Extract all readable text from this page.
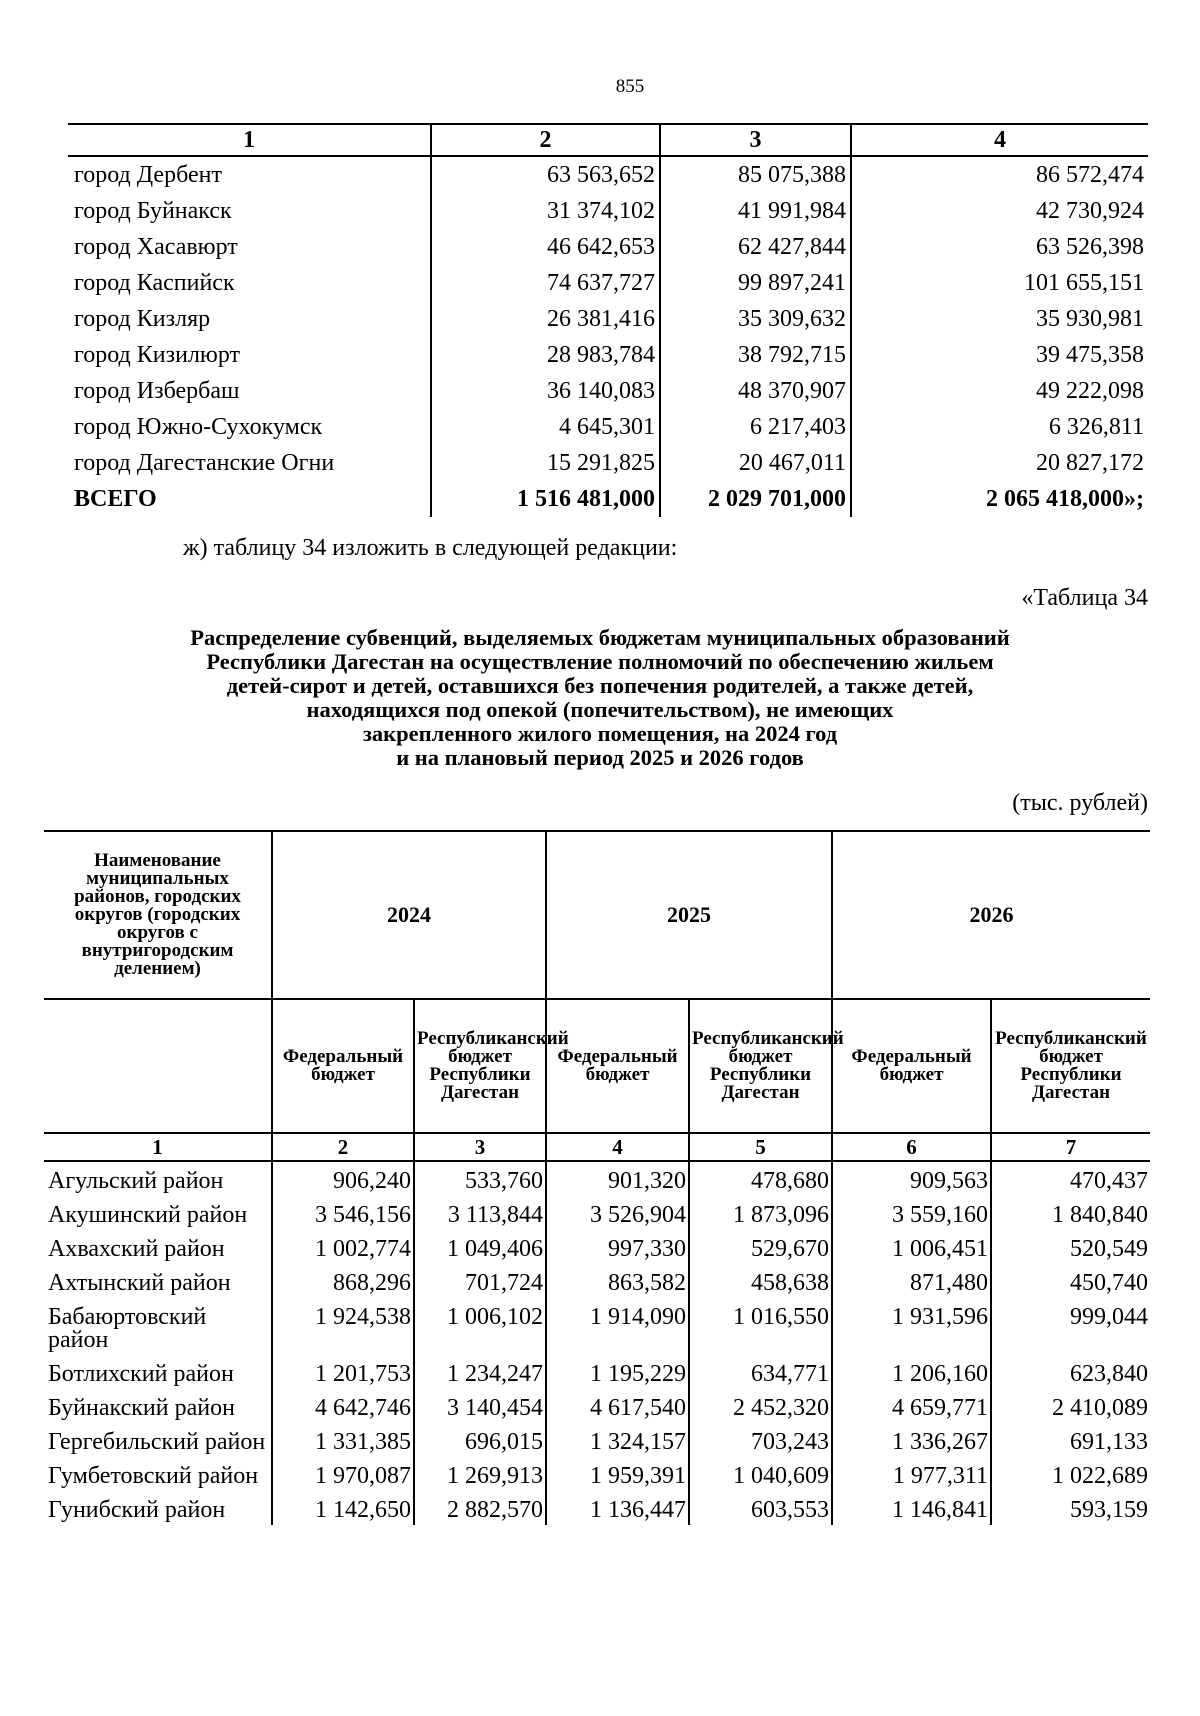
855
1	2	3	4
город Дербент	63 563,652	85 075,388	86 572,474
город Буйнакск	31 374,102	41 991,984	42 730,924
город Хасавюрт	46 642,653	62 427,844	63 526,398
город Каспийск	74 637,727	99 897,241	101 655,151
город Кизляр	26 381,416	35 309,632	35 930,981
город Кизилюрт	28 983,784	38 792,715	39 475,358
город Избербаш	36 140,083	48 370,907	49 222,098
город Южно-Сухокумск	4 645,301	6 217,403	6 326,811
город Дагестанские Огни	15 291,825	20 467,011	20 827,172
ВСЕГО	1 516 481,000	2 029 701,000	2 065 418,000»;
ж) таблицу 34 изложить в следующей редакции:
«Таблица 34
Распределение субвенций, выделяемых бюджетам муниципальных образований
Республики Дагестан на осуществление полномочий по обеспечению жильем
детей-сирот и детей, оставшихся без попечения родителей, а также детей,
находящихся под опекой (попечительством), не имеющих
закрепленного жилого помещения, на 2024 год
и на плановый период 2025 и 2026 годов
(тыс. рублей)
Наименование муниципальных районов, городских округов (городских округов с внутригородским делением)	2024		2025		2026	
	Федеральный бюджет	Республиканский бюджет Республики Дагестан	Федеральный бюджет	Республиканский бюджет Республики Дагестан	Федеральный бюджет	Республиканский бюджет Республики Дагестан
1	2	3	4	5	6	7
Агульский район	906,240	533,760	901,320	478,680	909,563	470,437
Акушинский район	3 546,156	3 113,844	3 526,904	1 873,096	3 559,160	1 840,840
Ахвахский район	1 002,774	1 049,406	997,330	529,670	1 006,451	520,549
Ахтынский район	868,296	701,724	863,582	458,638	871,480	450,740
Бабаюртовский район	1 924,538	1 006,102	1 914,090	1 016,550	1 931,596	999,044
Ботлихский район	1 201,753	1 234,247	1 195,229	634,771	1 206,160	623,840
Буйнакский район	4 642,746	3 140,454	4 617,540	2 452,320	4 659,771	2 410,089
Гергебильский район	1 331,385	696,015	1 324,157	703,243	1 336,267	691,133
Гумбетовский район	1 970,087	1 269,913	1 959,391	1 040,609	1 977,311	1 022,689
Гунибский район	1 142,650	2 882,570	1 136,447	603,553	1 146,841	593,159
